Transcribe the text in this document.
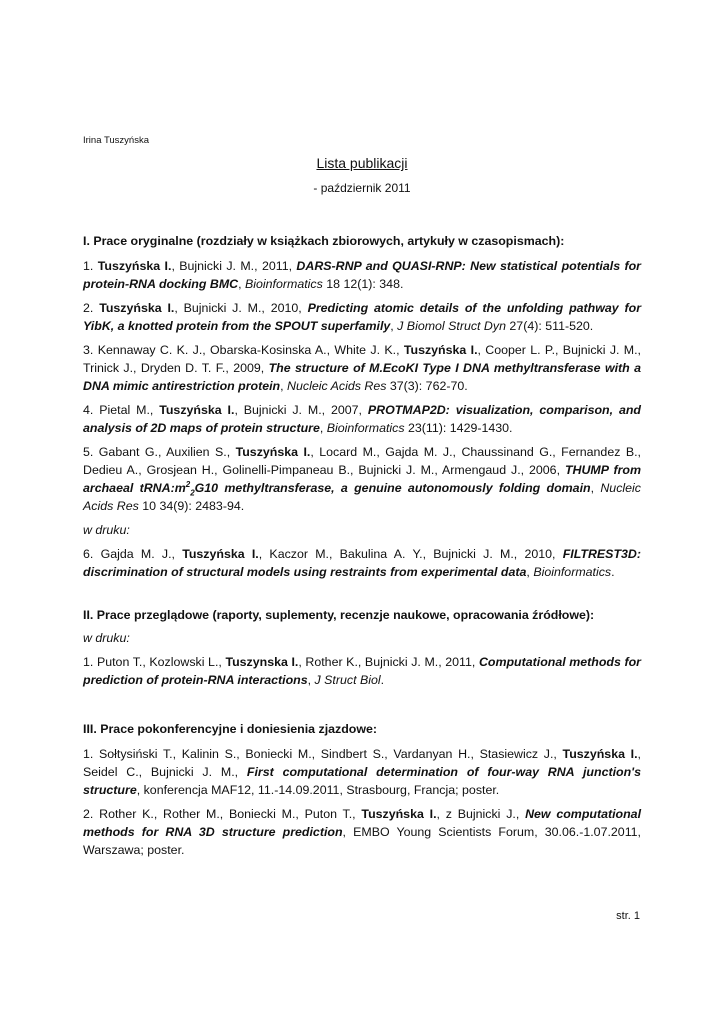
Irina Tuszyńska
Lista publikacji
- październik 2011

I. Prace oryginalne (rozdziały w książkach zbiorowych, artykuły w czasopismach):

1. Tuszyńska I., Bujnicki J. M., 2011, DARS-RNP and QUASI-RNP: New statistical potentials for protein-RNA docking BMC, Bioinformatics 18 12(1): 348.

2. Tuszyńska I., Bujnicki J. M., 2010, Predicting atomic details of the unfolding pathway for YibK, a knotted protein from the SPOUT superfamily, J Biomol Struct Dyn 27(4): 511-520.

3. Kennaway C. K. J., Obarska-Kosinska A., White J. K., Tuszyńska I., Cooper L. P., Bujnicki J. M., Trinick J., Dryden D. T. F., 2009, The structure of M.EcoKI Type I DNA methyltransferase with a DNA mimic antirestriction protein, Nucleic Acids Res 37(3): 762-70.

4. Pietal M., Tuszyńska I., Bujnicki J. M., 2007, PROTMAP2D: visualization, comparison, and analysis of 2D maps of protein structure, Bioinformatics 23(11): 1429-1430.

5. Gabant G., Auxilien S., Tuszyńska I., Locard M., Gajda M. J., Chaussinand G., Fernandez B., Dedieu A., Grosjean H., Golinelli-Pimpaneau B., Bujnicki J. M., Armengaud J., 2006, THUMP from archaeal $tRNA:m^2_2G10$ methyltransferase, a genuine autonomously folding domain, Nucleic Acids Res 10 34(9): 2483-94.

w druku:

6. Gajda M. J., Tuszyńska I., Kaczor M., Bakulina A. Y., Bujnicki J. M., 2010, FILTREST3D: discrimination of structural models using restraints from experimental data, Bioinformatics.

II. Prace przeglądowe (raporty, suplementy, recenzje naukowe, opracowania źródłowe):

w druku:

1. Puton T., Kozlowski L., Tuszynska I., Rother K., Bujnicki J. M., 2011, Computational methods for prediction of protein-RNA interactions, J Struct Biol.

III. Prace pokonferencyjne i doniesienia zjazdowe:

1. Sołtysiński T., Kalinin S., Boniecki M., Sindbert S., Vardanyan H., Stasiewicz J., Tuszyńska I., Seidel C., Bujnicki J. M., First computational determination of four-way RNA junction's structure, konferencja MAF12, 11.-14.09.2011, Strasbourg, Francja; poster.

2. Rother K., Rother M., Boniecki M., Puton T., Tuszyńska I., z Bujnicki J., New computational methods for RNA 3D structure prediction, EMBO Young Scientists Forum, 30.06.-1.07.2011, Warszawa; poster.

str. 1
